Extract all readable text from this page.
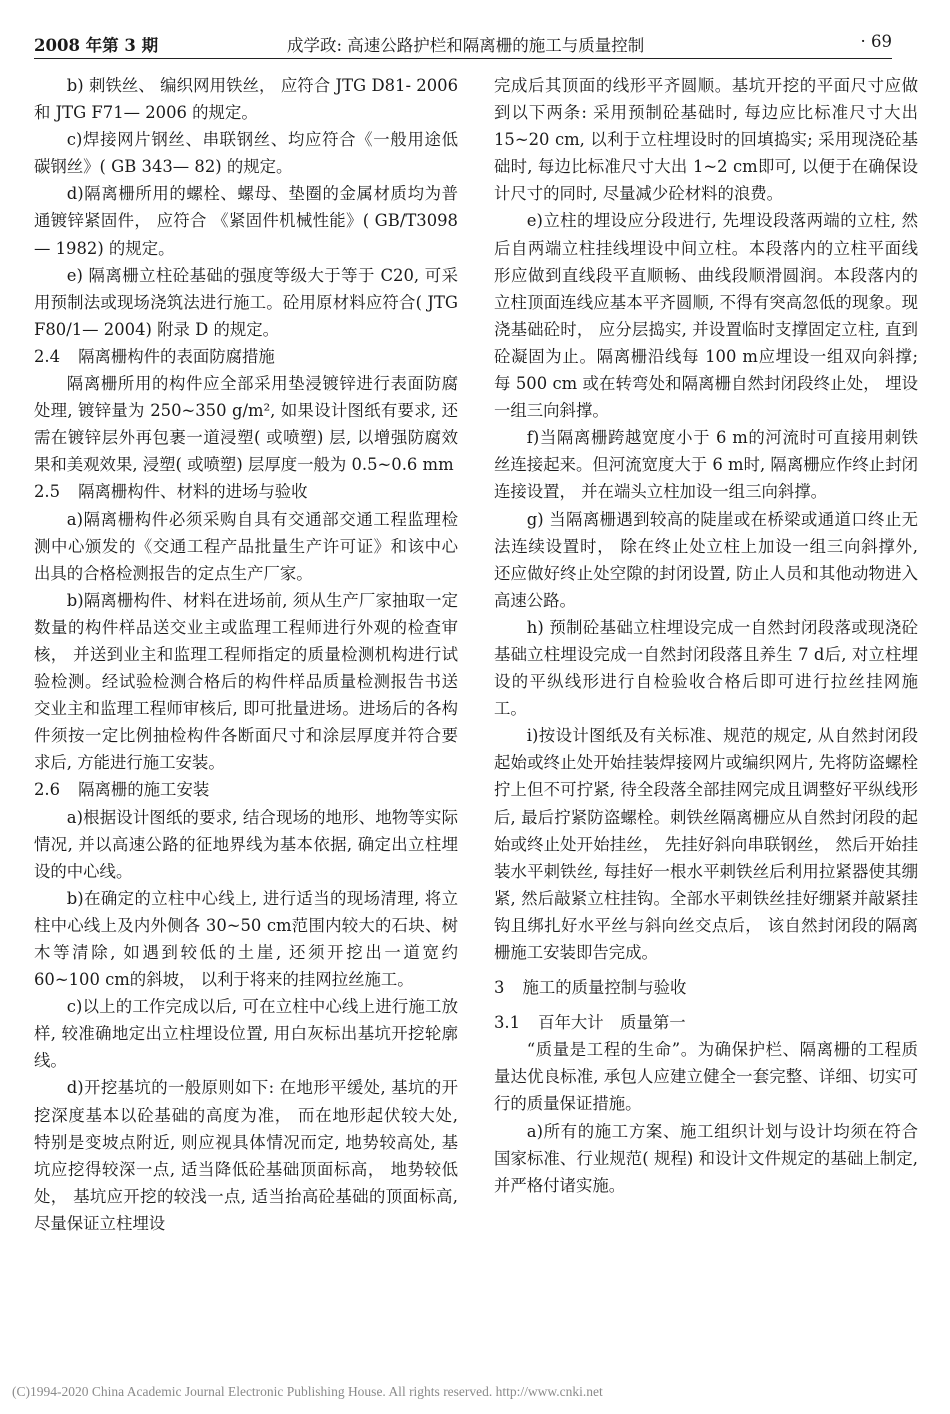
2008 年第 3 期	成学政: 高速公路护栏和隔离栅的施工与质量控制	· 69

b) 刺铁丝、 编织网用铁丝， 应符合 JTG D81- 2006 和 JTG F71— 2006 的规定。

c)焊接网片钢丝、串联钢丝、均应符合《一般用途低碳钢丝》( GB 343— 82) 的规定。

d)隔离栅所用的螺栓、螺母、垫圈的金属材质均为普通镀锌紧固件， 应符合 《紧固件机械性能》( GB/T3098— 1982) 的规定。

e) 隔离栅立柱砼基础的强度等级大于等于 C20, 可采用预制法或现场浇筑法进行施工。砼用原材料应符合( JTG F80/1— 2004) 附录 D 的规定。

2.4 隔离栅构件的表面防腐措施

隔离栅所用的构件应全部采用垫浸镀锌进行表面防腐处理, 镀锌量为 250~350 g/m², 如果设计图纸有要求, 还需在镀锌层外再包裹一道浸塑( 或喷塑) 层, 以增强防腐效果和美观效果, 浸塑( 或喷塑) 层厚度一般为 0.5~0.6 mm

2.5 隔离栅构件、材料的进场与验收

a)隔离栅构件必须采购自具有交通部交通工程监理检测中心颁发的《交通工程产品批量生产许可证》和该中心出具的合格检测报告的定点生产厂家。

b)隔离栅构件、材料在进场前, 须从生产厂家抽取一定数量的构件样品送交业主或监理工程师进行外观的检查审核， 并送到业主和监理工程师指定的质量检测机构进行试验检测。经试验检测合格后的构件样品质量检测报告书送交业主和监理工程师审核后, 即可批量进场。进场后的各构件须按一定比例抽检构件各断面尺寸和涂层厚度并符合要求后, 方能进行施工安装。

2.6 隔离栅的施工安装

a)根据设计图纸的要求, 结合现场的地形、地物等实际情况, 并以高速公路的征地界线为基本依据, 确定出立柱埋设的中心线。

b)在确定的立柱中心线上, 进行适当的现场清理, 将立柱中心线上及内外侧各 30~50 cm范围内较大的石块、树木等清除, 如遇到较低的土崖, 还须开挖出一道宽约 60~100 cm的斜坡， 以利于将来的挂网拉丝施工。

c)以上的工作完成以后, 可在立柱中心线上进行施工放样, 较准确地定出立柱埋设位置, 用白灰标出基坑开挖轮廓线。

d)开挖基坑的一般原则如下: 在地形平缓处, 基坑的开挖深度基本以砼基础的高度为准， 而在地形起伏较大处, 特别是变坡点附近, 则应视具体情况而定, 地势较高处, 基坑应挖得较深一点, 适当降低砼基础顶面标高， 地势较低处， 基坑应开挖的较浅一点, 适当抬高砼基础的顶面标高, 尽量保证立柱埋设

完成后其顶面的线形平齐圆顺。基坑开挖的平面尺寸应做到以下两条: 采用预制砼基础时, 每边应比标准尺寸大出 15~20 cm, 以利于立柱埋设时的回填捣实; 采用现浇砼基础时, 每边比标准尺寸大出 1~2 cm即可, 以便于在确保设计尺寸的同时, 尽量减少砼材料的浪费。

e)立柱的埋设应分段进行, 先埋设段落两端的立柱, 然后自两端立柱挂线埋设中间立柱。本段落内的立柱平面线形应做到直线段平直顺畅、曲线段顺滑圆润。本段落内的立柱顶面连线应基本平齐圆顺, 不得有突高忽低的现象。现浇基础砼时， 应分层捣实, 并设置临时支撑固定立柱, 直到砼凝固为止。隔离栅沿线每 100 m应埋设一组双向斜撑; 每 500 cm 或在转弯处和隔离栅自然封闭段终止处， 埋设一组三向斜撑。

f)当隔离栅跨越宽度小于 6 m的河流时可直接用刺铁丝连接起来。但河流宽度大于 6 m时, 隔离栅应作终止封闭连接设置， 并在端头立柱加设一组三向斜撑。

g) 当隔离栅遇到较高的陡崖或在桥梁或通道口终止无法连续设置时， 除在终止处立柱上加设一组三向斜撑外, 还应做好终止处空隙的封闭设置, 防止人员和其他动物进入高速公路。

h) 预制砼基础立柱埋设完成一自然封闭段落或现浇砼基础立柱埋设完成一自然封闭段落且养生 7 d后, 对立柱埋设的平纵线形进行自检验收合格后即可进行拉丝挂网施工。

i)按设计图纸及有关标准、规范的规定, 从自然封闭段起始或终止处开始挂装焊接网片或编织网片, 先将防盗螺栓拧上但不可拧紧, 待全段落全部挂网完成且调整好平纵线形后, 最后拧紧防盗螺栓。刺铁丝隔离栅应从自然封闭段的起始或终止处开始挂丝， 先挂好斜向串联钢丝， 然后开始挂装水平刺铁丝, 每挂好一根水平刺铁丝后利用拉紧器使其绷紧, 然后敲紧立柱挂钩。全部水平刺铁丝挂好绷紧并敲紧挂钩且绑扎好水平丝与斜向丝交点后， 该自然封闭段的隔离栅施工安装即告完成。

3 施工的质量控制与验收

3.1 百年大计　质量第一

“质量是工程的生命”。为确保护栏、隔离栅的工程质量达优良标准, 承包人应建立健全一套完整、详细、切实可行的质量保证措施。

a)所有的施工方案、施工组织计划与设计均须在符合国家标准、行业规范( 规程) 和设计文件规定的基础上制定, 并严格付诸实施。

(C)1994-2020 China Academic Journal Electronic Publishing House. All rights reserved. http://www.cnki.net
